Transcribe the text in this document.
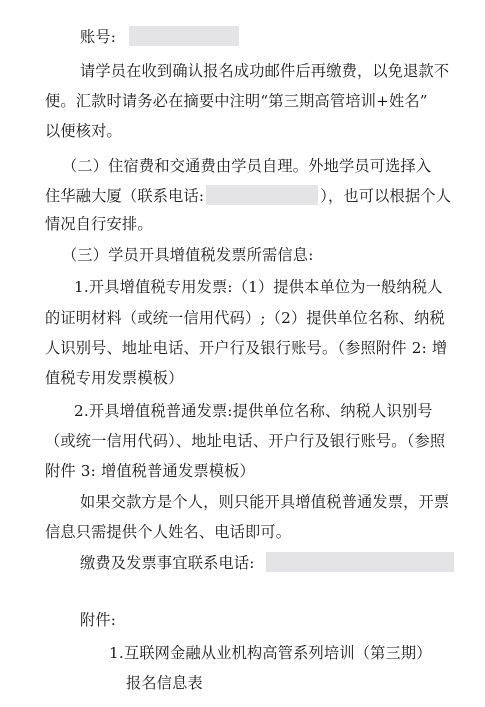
账号:
请学员在收到确认报名成功邮件后再缴费，以免退款不
便。汇款时请务必在摘要中注明“第三期高管培训+姓名”
以便核对。
（二）住宿费和交通费由学员自理。外地学员可选择入
住华融大厦（联系电话:	），也可以根据个人
情况自行安排。
（三）学员开具增值税发票所需信息:
1.开具增值税专用发票:（1）提供本单位为一般纳税人
的证明材料（或统一信用代码）;（2）提供单位名称、纳税
人识别号、地址电话、开户行及银行账号。（参照附件 2: 增
值税专用发票模板）
2.开具增值税普通发票:提供单位名称、纳税人识别号
（或统一信用代码）、地址电话、开户行及银行账号。（参照
附件 3: 增值税普通发票模板）
如果交款方是个人，则只能开具增值税普通发票，开票
信息只需提供个人姓名、电话即可。
缴费及发票事宜联系电话:
附件:
1.互联网金融从业机构高管系列培训（第三期）
报名信息表
